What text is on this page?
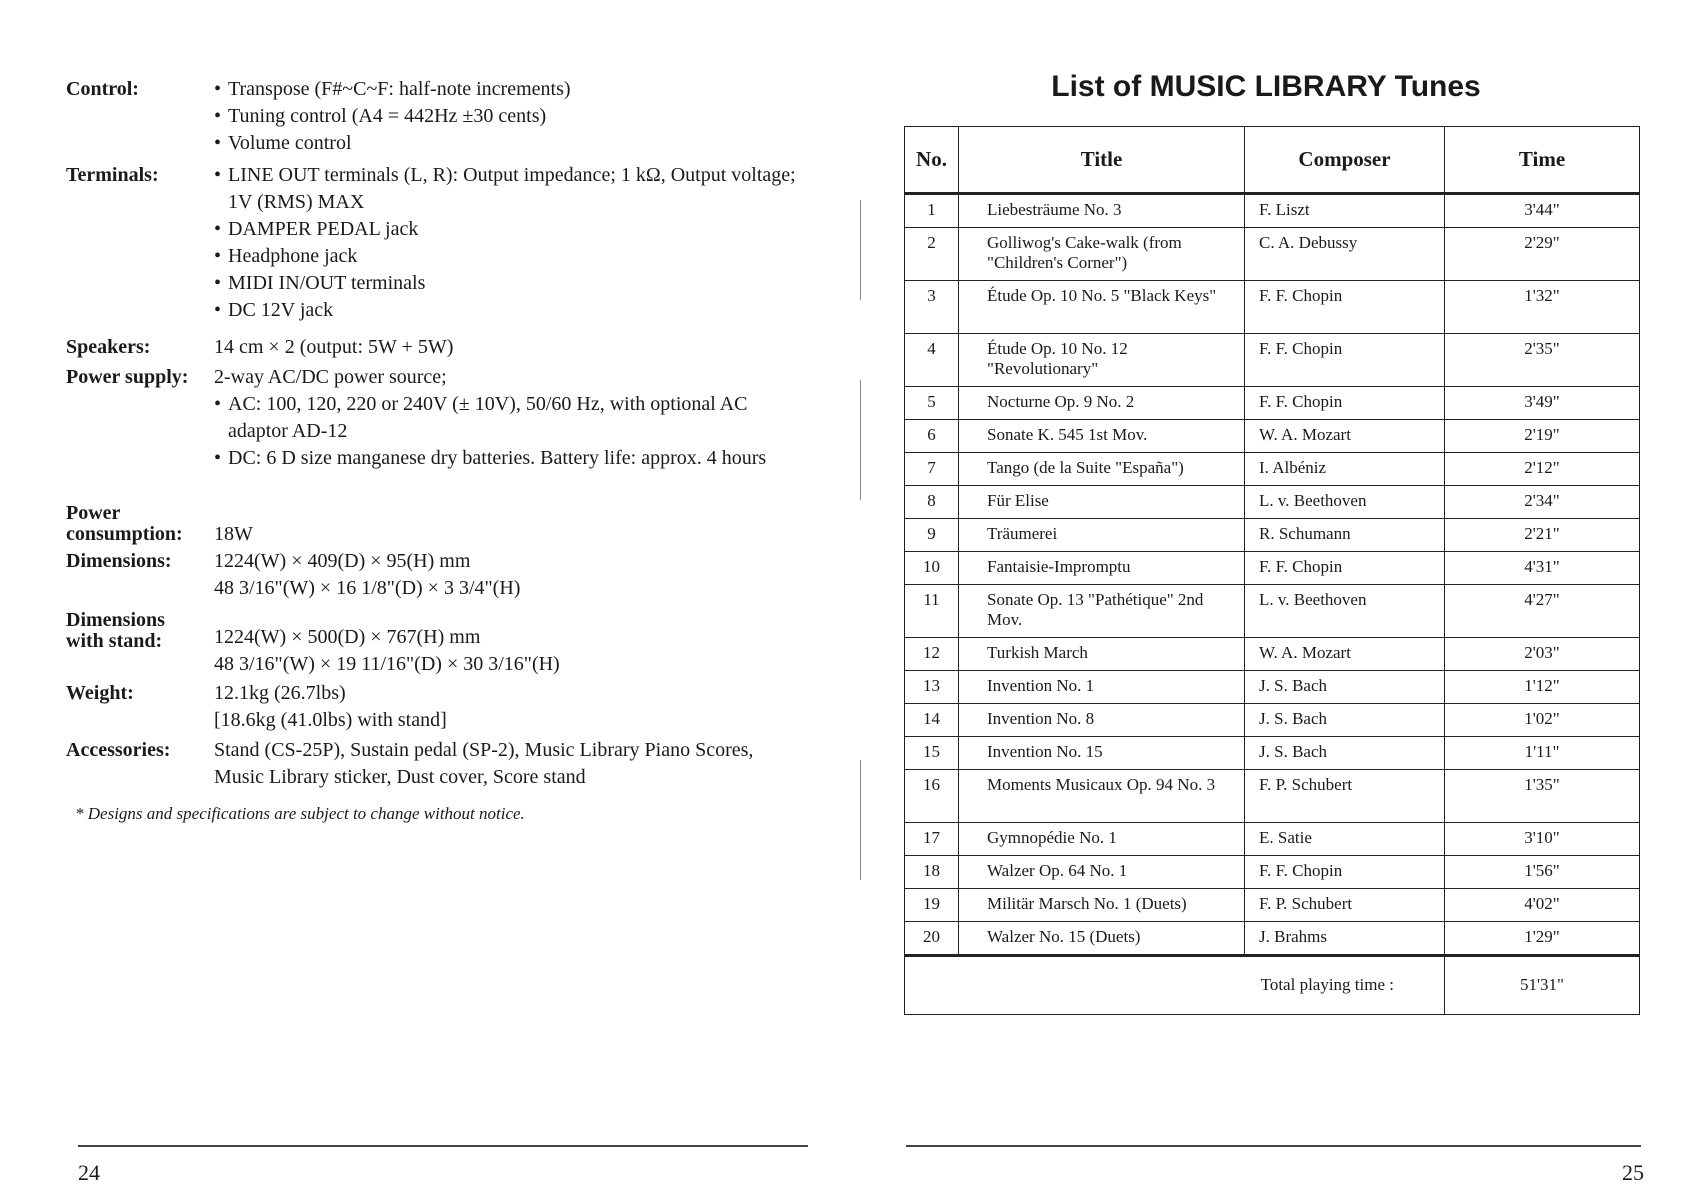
Control:	• Transpose (F#~C~F: half-note increments)
• Tuning control (A4 = 442Hz ±30 cents)
• Volume control
Terminals:	• LINE OUT terminals (L, R): Output impedance; 1 kΩ, Output voltage; 1V (RMS) MAX
• DAMPER PEDAL jack
• Headphone jack
• MIDI IN/OUT terminals
• DC 12V jack
Speakers:	14 cm × 2 (output: 5W + 5W)
Power supply:	2-way AC/DC power source;
• AC: 100, 120, 220 or 240V (± 10V), 50/60 Hz, with optional AC adaptor AD-12
• DC: 6 D size manganese dry batteries. Battery life: approx. 4 hours
Power consumption:	18W
Dimensions:	1224(W) × 409(D) × 95(H) mm
48 3/16"(W) × 16 1/8"(D) × 3 3/4"(H)
Dimensions with stand:	1224(W) × 500(D) × 767(H) mm
48 3/16"(W) × 19 11/16"(D) × 30 3/16"(H)
Weight:	12.1kg (26.7lbs)
[18.6kg (41.0lbs) with stand]
Accessories:	Stand (CS-25P), Sustain pedal (SP-2), Music Library Piano Scores, Music Library sticker, Dust cover, Score stand
* Designs and specifications are subject to change without notice.
24
List of MUSIC LIBRARY Tunes
No.	Title	Composer	Time
1	Liebesträume No. 3	F. Liszt	3'44"
2	Golliwog's Cake-walk (from "Children's Corner")	C. A. Debussy	2'29"
3	Étude Op. 10 No. 5 "Black Keys"	F. F. Chopin	1'32"
4	Étude Op. 10 No. 12 "Revolutionary"	F. F. Chopin	2'35"
5	Nocturne Op. 9 No. 2	F. F. Chopin	3'49"
6	Sonate K. 545 1st Mov.	W. A. Mozart	2'19"
7	Tango (de la Suite "España")	I. Albéniz	2'12"
8	Für Elise	L. v. Beethoven	2'34"
9	Träumerei	R. Schumann	2'21"
10	Fantaisie-Impromptu	F. F. Chopin	4'31"
11	Sonate Op. 13 "Pathétique" 2nd Mov.	L. v. Beethoven	4'27"
12	Turkish March	W. A. Mozart	2'03"
13	Invention No. 1	J. S. Bach	1'12"
14	Invention No. 8	J. S. Bach	1'02"
15	Invention No. 15	J. S. Bach	1'11"
16	Moments Musicaux Op. 94 No. 3	F. P. Schubert	1'35"
17	Gymnopédie No. 1	E. Satie	3'10"
18	Walzer Op. 64 No. 1	F. F. Chopin	1'56"
19	Militär Marsch No. 1 (Duets)	F. P. Schubert	4'02"
20	Walzer No. 15 (Duets)	J. Brahms	1'29"
Total playing time :			51'31"
25
